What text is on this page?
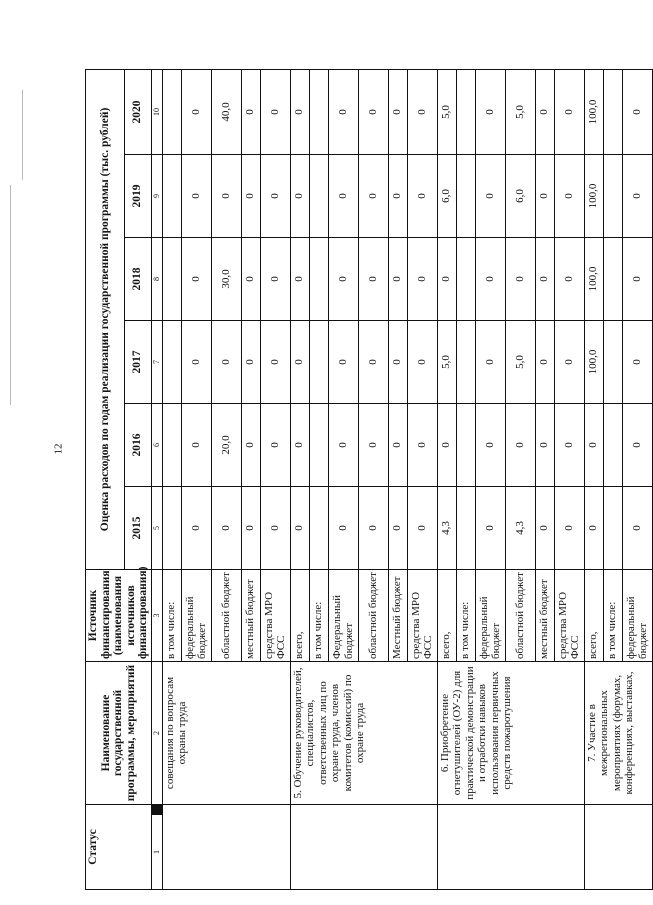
12
Статус		Наименование государственной программы, мероприятий	Источник финансирования (наименования источников финансирования)	Оценка расходов по годам реализации государственной программы (тыс. рублей)					
				2015	2016	2017	2018	2019	2020
1		2	3	5	6	7	8	9	10
		совещания по вопросам охраны труда	в том числе:						
			федеральный бюджет	0	0	0	0	0	0
			областной бюджет	0	20,0	0	30,0	0	40,0
			местный бюджет	0	0	0	0	0	0
			средства МРО ФСС	0	0	0	0	0	0
		5. Обучение руководителей, специалистов, ответственных лиц по охране труда, членов комитетов (комиссий) по охране труда	всего,	0	0	0	0	0	0
			в том числе:						
			Федеральный бюджет	0	0	0	0	0	0
			областной бюджет	0	0	0	0	0	0
			Местный бюджет	0	0	0	0	0	0
			средства МРО ФСС	0	0	0	0	0	0
		6. Приобретение огнетушителей (ОУ-2) для практической демонстрации и отработки навыков использования первичных средств пожаротушения	всего,	4,3	0	5,0	0	6,0	5,0
			в том числе:						
			федеральный бюджет	0	0	0	0	0	0
			областной бюджет	4,3	0	5,0	0	6,0	5,0
			местный бюджет	0	0	0	0	0	0
			средства МРО ФСС	0	0	0	0	0	0
		7. Участие в межрегиональных мероприятиях (форумах, конференциях, выставках,	всего,	0	0	100,0	100,0	100,0	100,0
			в том числе:						
			федеральный бюджет	0	0	0	0	0	0
